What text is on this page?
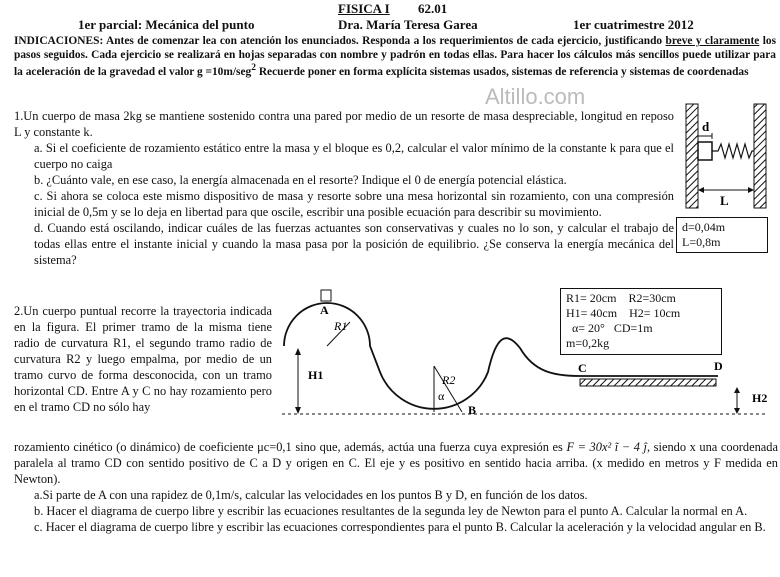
FISICA I 62.01
1er parcial: Mecánica del punto	Dra. María Teresa Garea	1er cuatrimestre 2012
INDICACIONES: Antes de comenzar lea con atención los enunciados. Responda a los requerimientos de cada ejercicio, justificando breve y claramente los pasos seguidos. Cada ejercicio se realizará en hojas separadas con nombre y padrón en todas ellas. Para hacer los cálculos más sencillos puede utilizar para la aceleración de la gravedad el valor g =10m/seg$^2$ Recuerde poner en forma explícita sistemas usados, sistemas de referencia y sistemas de coordenadas
Altillo.com
1.Un cuerpo de masa 2kg se mantiene sostenido contra una pared por medio de un resorte de masa despreciable, longitud en reposo L y constante k.
a. Si el coeficiente de rozamiento estático entre la masa y el bloque es 0,2, calcular el valor mínimo de la constante k para que el cuerpo no caiga
b. ¿Cuánto vale, en ese caso, la energía almacenada en el resorte? Indique el 0 de energía potencial elástica.
c. Si ahora se coloca este mismo dispositivo de masa y resorte sobre una mesa horizontal sin rozamiento, con una compresión inicial de 0,5m y se lo deja en libertad para que oscile, escribir una posible ecuación para describir su movimiento.
d. Cuando está oscilando, indicar cuáles de las fuerzas actuantes son conservativas y cuales no lo son, y calcular el trabajo de todas ellas entre el instante inicial y cuando la masa pasa por la posición de equilibrio. ¿Se conserva la energía mecánica del sistema?
d
L
d=0,04m
L=0,8m
2.Un cuerpo puntual recorre la trayectoria indicada en la figura. El primer tramo de la misma tiene radio de curvatura R1, el segundo tramo radio de curvatura R2 y luego empalma, por medio de un tramo curvo de forma desconocida, con un tramo horizontal CD. Entre A y C no hay rozamiento pero en el tramo CD no sólo hay
A
R1
H1	R2
α
B
C	D
H2
R1= 20cm R2=30cm
H1= 40cm H2= 10cm
α= 20° CD=1m
m=0,2kg
rozamiento cinético (o dinámico) de coeficiente μc=0,1 sino que, además, actúa una fuerza cuya expresión es F = 30x² ĩ − 4 ĵ, siendo x una coordenada paralela al tramo CD con sentido positivo de C a D y origen en C. El eje y es positivo en sentido hacia arriba. (x medido en metros y F medida en Newton).
a.Si parte de A con una rapidez de 0,1m/s, calcular las velocidades en los puntos B y D, en función de los datos.
b. Hacer el diagrama de cuerpo libre y escribir las ecuaciones resultantes de la segunda ley de Newton para el punto A. Calcular la normal en A.
c. Hacer el diagrama de cuerpo libre y escribir las ecuaciones correspondientes para el punto B. Calcular la aceleración y la velocidad angular en B.
